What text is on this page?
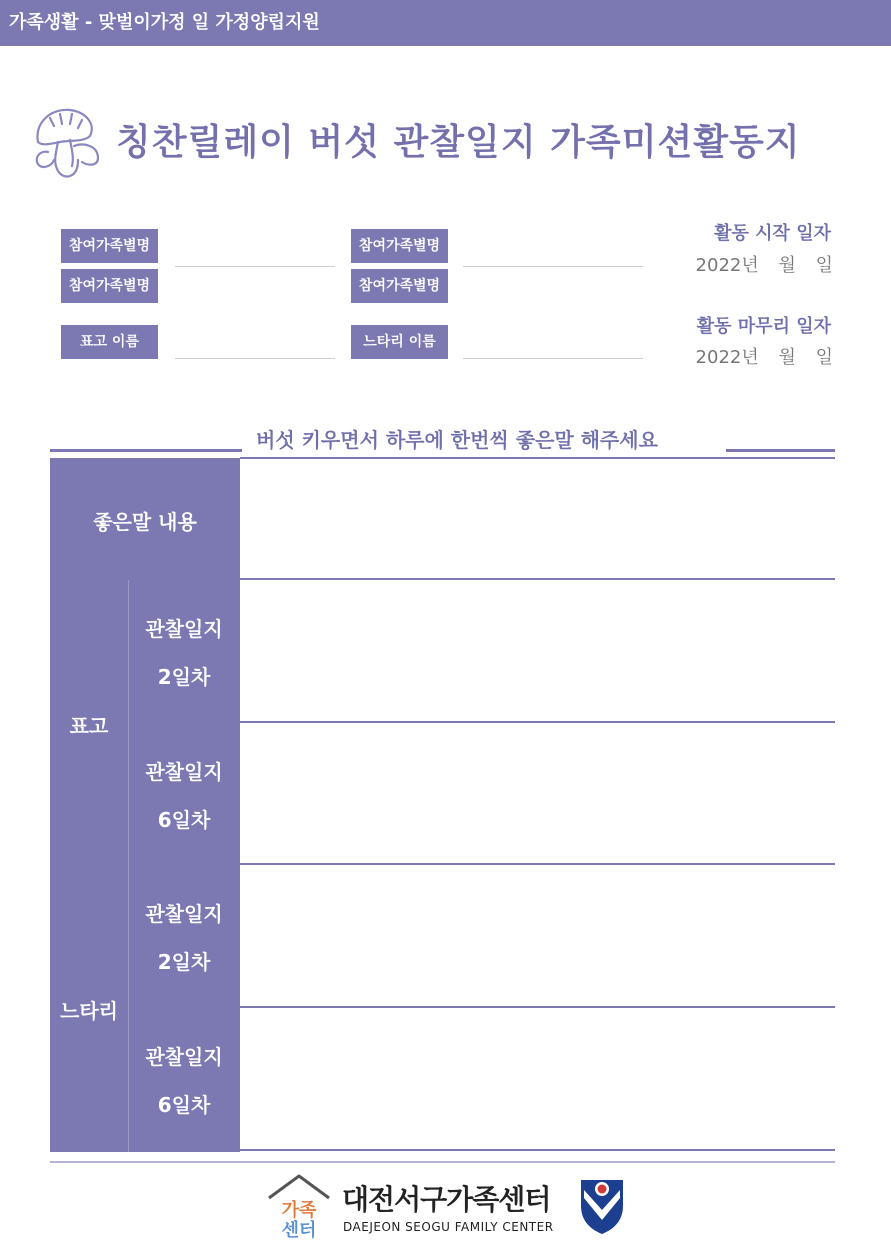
가족생활 - 맞벌이가정 일 가정양립지원
칭찬릴레이 버섯 관찰일지 가족미션활동지
참여가족별명
참여가족별명
참여가족별명
참여가족별명
표고 이름	느타리 이름
활동 시작 일자
2022년 월 일
활동 마무리 일자
2022년 월 일
버섯 키우면서 하루에 한번씩 좋은말 해주세요
좋은말 내용
표고
느타리
관찰일지
2일차
관찰일지
6일차
관찰일지
2일차
관찰일지
6일차
가족
센터
대전서구가족센터
DAEJEON SEOGU FAMILY CENTER
